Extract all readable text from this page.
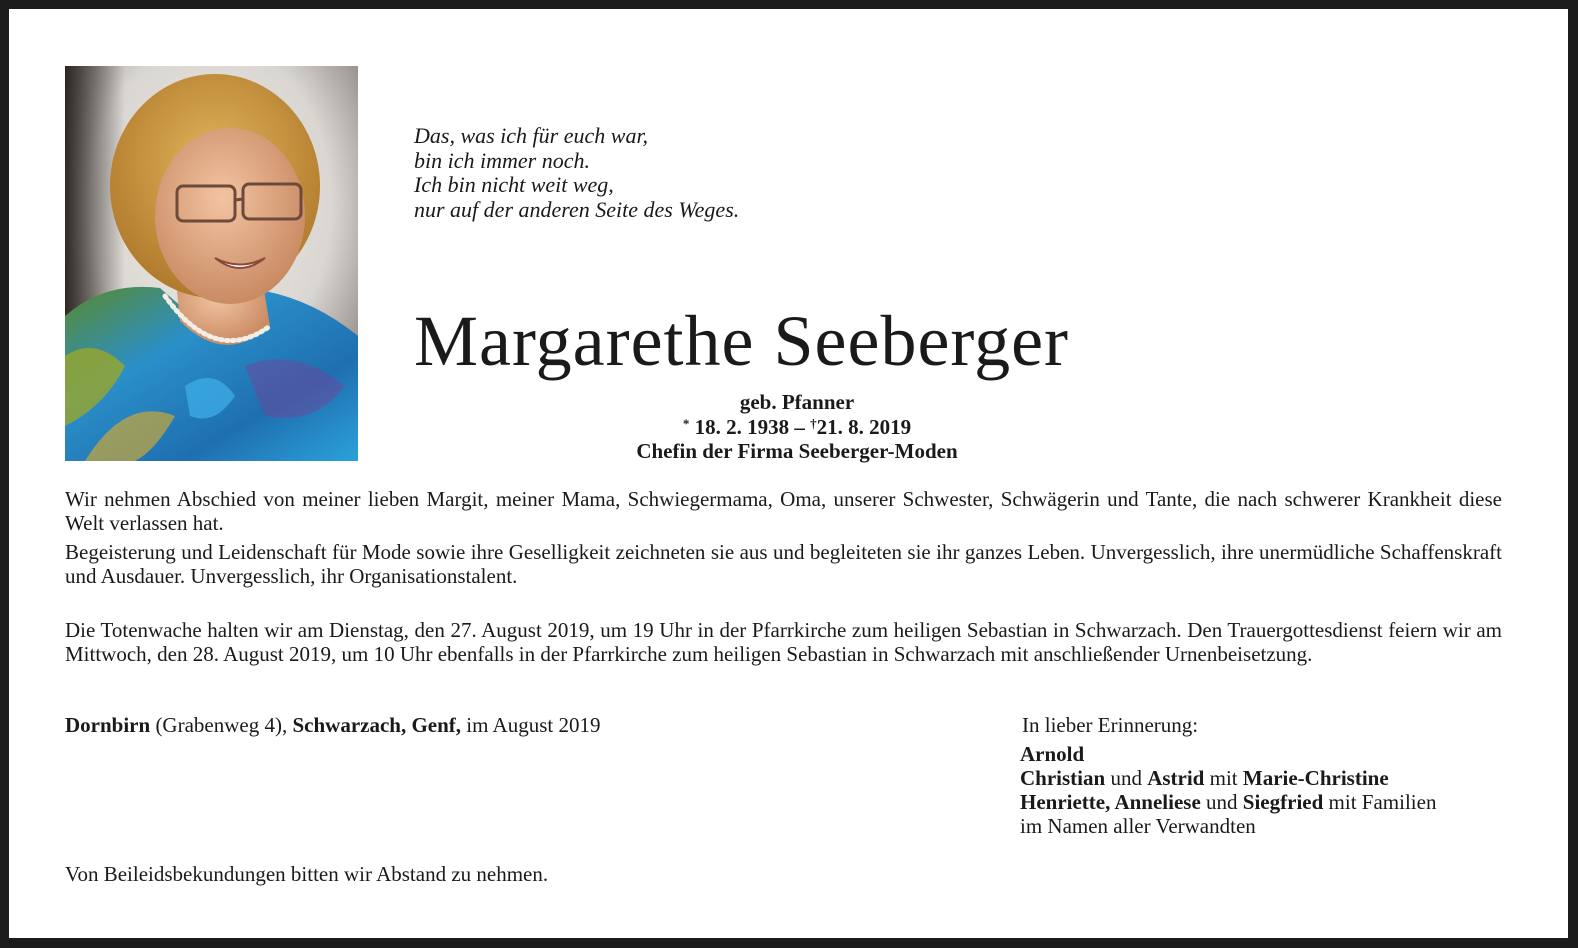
Das, was ich für euch war,
bin ich immer noch.
Ich bin nicht weit weg,
nur auf der anderen Seite des Weges.
Margarethe Seeberger
geb. Pfanner
* 18. 2. 1938 – †21. 8. 2019
Chefin der Firma Seeberger-Moden
Wir nehmen Abschied von meiner lieben Margit, meiner Mama, Schwiegermama, Oma, unserer Schwester, Schwägerin und Tante, die nach schwerer Krankheit diese Welt verlassen hat.
Begeisterung und Leidenschaft für Mode sowie ihre Geselligkeit zeichneten sie aus und begleiteten sie ihr ganzes Leben. Unvergesslich, ihre unermüdliche Schaffenskraft und Ausdauer. Unvergesslich, ihr Organisationstalent.
Die Totenwache halten wir am Dienstag, den 27. August 2019, um 19 Uhr in der Pfarrkirche zum heiligen Sebastian in Schwarzach. Den Trauergottesdienst feiern wir am Mittwoch, den 28. August 2019, um 10 Uhr ebenfalls in der Pfarrkirche zum heiligen Sebastian in Schwarzach mit anschließender Urnenbeisetzung.
Dornbirn (Grabenweg 4), Schwarzach, Genf, im August 2019	In lieber Erinnerung:
Arnold
Christian und Astrid mit Marie-Christine
Henriette, Anneliese und Siegfried mit Familien
im Namen aller Verwandten
Von Beileidsbekundungen bitten wir Abstand zu nehmen.
